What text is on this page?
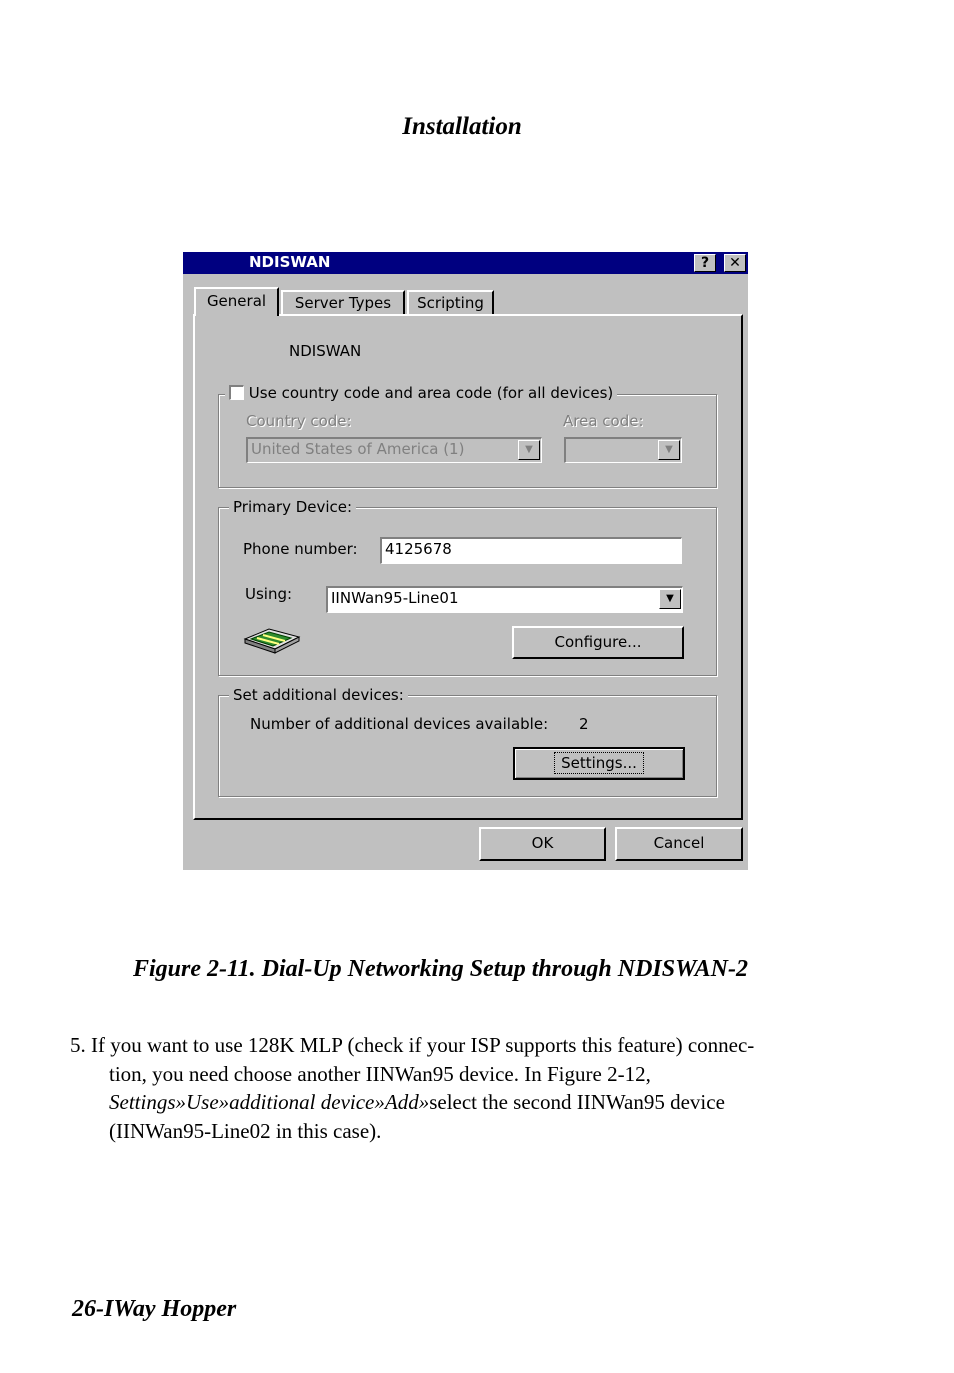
Installation
NDISWAN	?	✕
General	Server Types	Scripting
NDISWAN
Use country code and area code (for all devices)
Country code:
United States of America (1)	▼
Area code:
▼
Primary Device:
Phone number:	4125678
Using:	IINWan95-Line01	▼
Configure...
Set additional devices:
Number of additional devices available: 2
Settings...
OK	Cancel
Figure 2-11. Dial-Up Networking Setup through NDISWAN-2
5. If you want to use 128K MLP (check if your ISP supports this feature) connec-
tion, you need choose another IINWan95 device. In Figure 2-12,
Settings»Use»additional device»Add»select the second IINWan95 device
(IINWan95-Line02 in this case).
26-IWay Hopper
